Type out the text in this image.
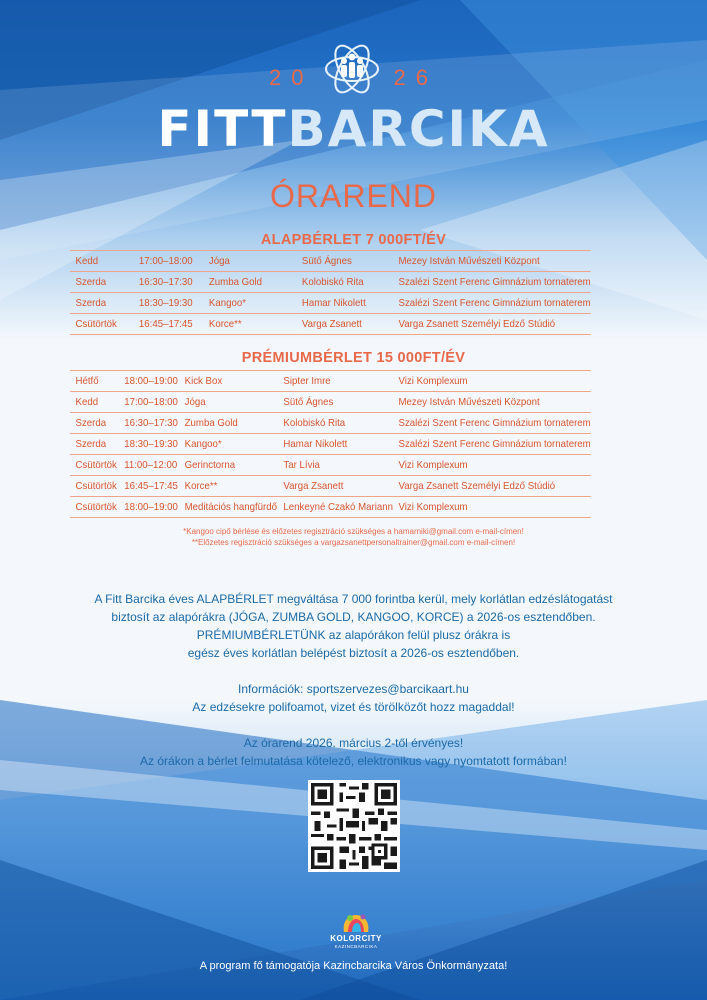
20	26
FITTBARCIKA
ÓRAREND
ALAPBÉRLET 7 000FT/ÉV
Kedd	17:00–18:00	Jóga	Sütő Ágnes	Mezey István Művészeti Központ
Szerda	16:30–17:30	Zumba Gold	Kolobiskó Rita	Szalézi Szent Ferenc Gimnázium tornaterem
Szerda	18:30–19:30	Kangoo*	Hamar Nikolett	Szalézi Szent Ferenc Gimnázium tornaterem
Csütörtök	16:45–17:45	Korce**	Varga Zsanett	Varga Zsanett Személyi Edző Stúdió
PRÉMIUMBÉRLET 15 000FT/ÉV
Hétfő	18:00–19:00	Kick Box	Sipter Imre	Vizi Komplexum
Kedd	17:00–18:00	Jóga	Sütő Ágnes	Mezey István Művészeti Központ
Szerda	16:30–17:30	Zumba Gold	Kolobiskó Rita	Szalézi Szent Ferenc Gimnázium tornaterem
Szerda	18:30–19:30	Kangoo*	Hamar Nikolett	Szalézi Szent Ferenc Gimnázium tornaterem
Csütörtök	11:00–12:00	Gerinctorna	Tar Lívia	Vizi Komplexum
Csütörtök	16:45–17:45	Korce**	Varga Zsanett	Varga Zsanett Személyi Edző Stúdió
Csütörtök	18:00–19:00	Meditációs hangfürdő	Lenkeyné Czakó Mariann	Vizi Komplexum
*Kangoo cipő bérlése és előzetes regisztráció szükséges a hamarniki@gmail.com e-mail-címen!
**Előzetes regisztráció szükséges a vargazsanettpersonaltrainer@gmail.com e-mail-címen!

A Fitt Barcika éves ALAPBÉRLET megváltása 7 000 forintba kerül, mely korlátlan edzéslátogatást

biztosít az alapórákra (JÓGA, ZUMBA GOLD, KANGOO, KORCE) a 2026-os esztendőben.

PRÉMIUMBÉRLETÜNK az alapórákon felül plusz órákra is

egész éves korlátlan belépést biztosít a 2026-os esztendőben.

Információk: sportszervezes@barcikaart.hu

Az edzésekre polifoamot, vizet és törölközőt hozz magaddal!

Az órarend 2026. március 2-től érvényes!

Az órákon a bérlet felmutatása kötelező, elektronikus vagy nyomtatott formában!

KOLORCITY
KAZINCBARCIKA
A program fő támogatója Kazincbarcika Város Önkormányzata!
